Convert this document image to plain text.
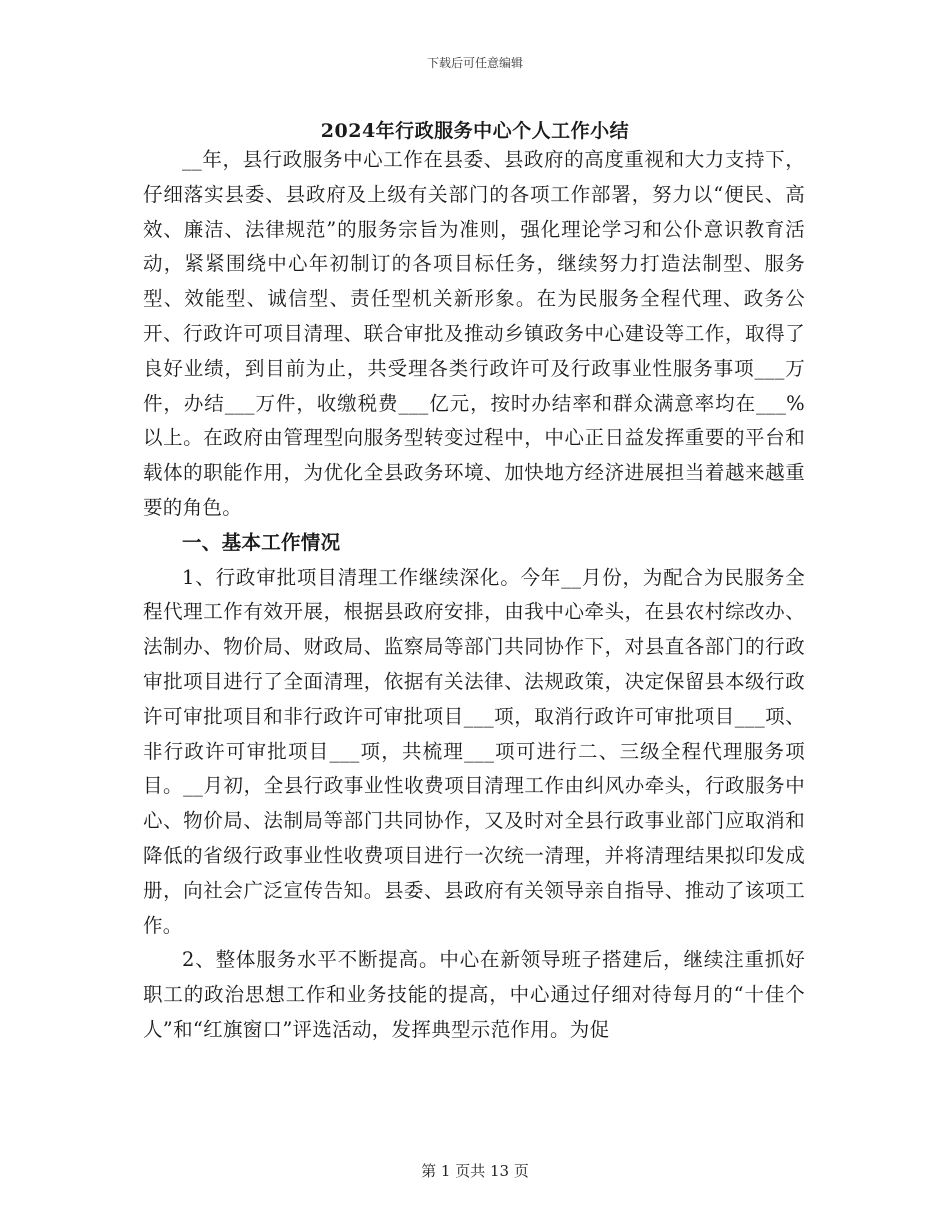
下载后可任意编辑
2024年行政服务中心个人工作小结

__年，县行政服务中心工作在县委、县政府的高度重视和大力支持下，仔细落实县委、县政府及上级有关部门的各项工作部署，努力以“便民、高效、廉洁、法律规范”的服务宗旨为准则，强化理论学习和公仆意识教育活动，紧紧围绕中心年初制订的各项目标任务，继续努力打造法制型、服务型、效能型、诚信型、责任型机关新形象。在为民服务全程代理、政务公开、行政许可项目清理、联合审批及推动乡镇政务中心建设等工作，取得了良好业绩，到目前为止，共受理各类行政许可及行政事业性服务事项___万件，办结___万件，收缴税费___亿元，按时办结率和群众满意率均在___%以上。在政府由管理型向服务型转变过程中，中心正日益发挥重要的平台和载体的职能作用，为优化全县政务环境、加快地方经济进展担当着越来越重要的角色。

一、基本工作情况

1、行政审批项目清理工作继续深化。今年__月份，为配合为民服务全程代理工作有效开展，根据县政府安排，由我中心牵头，在县农村综改办、法制办、物价局、财政局、监察局等部门共同协作下，对县直各部门的行政审批项目进行了全面清理，依据有关法律、法规政策，决定保留县本级行政许可审批项目和非行政许可审批项目___项，取消行政许可审批项目___项、非行政许可审批项目___项，共梳理___项可进行二、三级全程代理服务项目。__月初，全县行政事业性收费项目清理工作由纠风办牵头，行政服务中心、物价局、法制局等部门共同协作，又及时对全县行政事业部门应取消和降低的省级行政事业性收费项目进行一次统一清理，并将清理结果拟印发成册，向社会广泛宣传告知。县委、县政府有关领导亲自指导、推动了该项工作。

2、整体服务水平不断提高。中心在新领导班子搭建后，继续注重抓好职工的政治思想工作和业务技能的提高，中心通过仔细对待每月的“十佳个人”和“红旗窗口”评选活动，发挥典型示范作用。为促

第 1 页共 13 页
